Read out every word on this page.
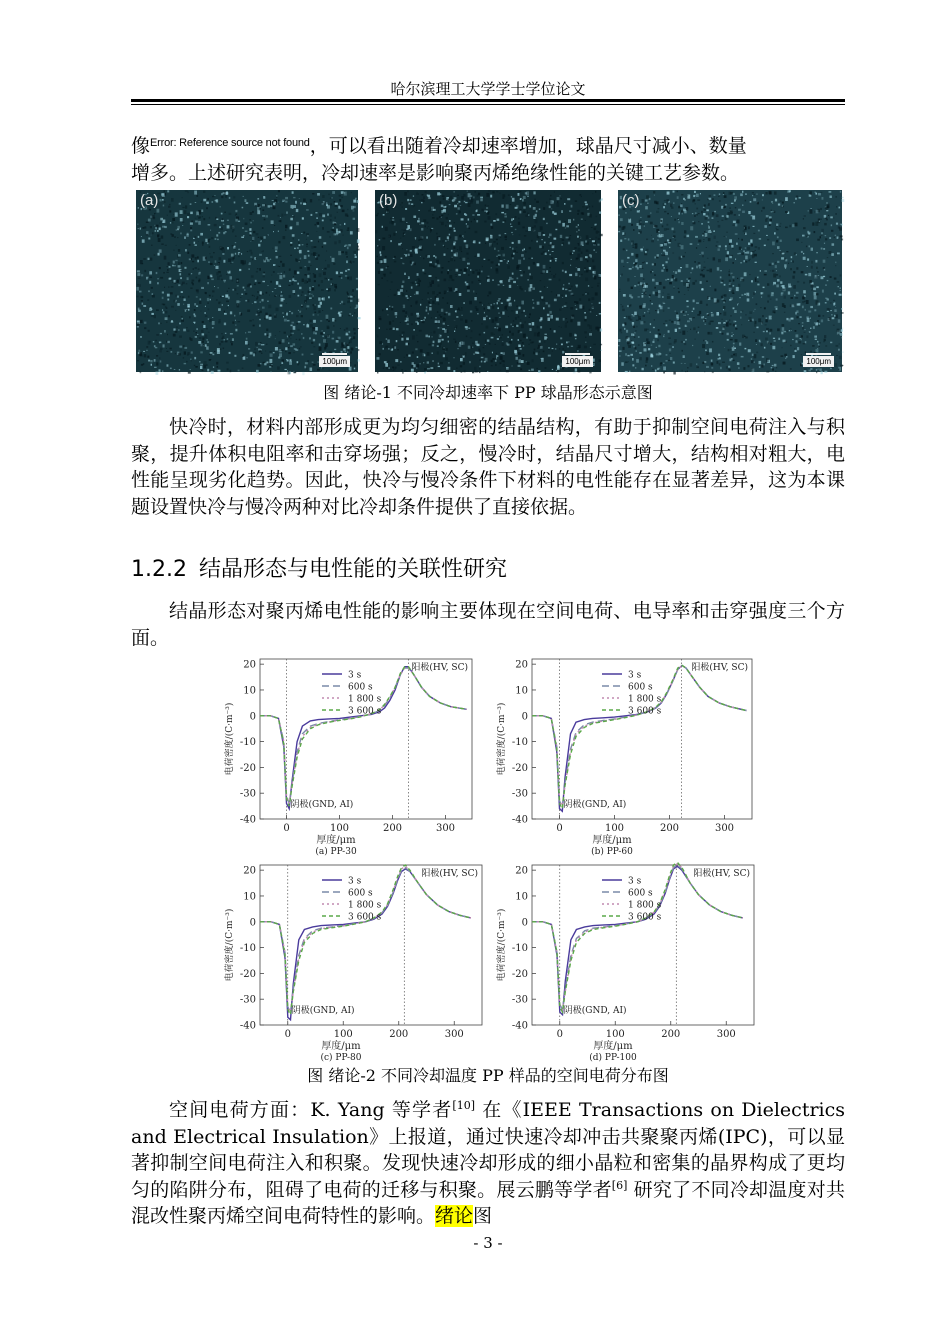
哈尔滨理工大学学士学位论文
像$^{Error: Reference source not found}$，可以看出随着冷却速率增加，球晶尺寸减小、数量
增多。上述研究表明，冷却速率是影响聚丙烯绝缘性能的关键工艺参数。
(a)
100μm
(b)
100μm
(c)
100μm
图 绪论-1 不同冷却速率下 PP 球晶形态示意图
快冷时，材料内部形成更为均匀细密的结晶结构，有助于抑制空间电荷注入与积聚，提升体积电阻率和击穿场强；反之，慢冷时，结晶尺寸增大，结构相对粗大，电性能呈现劣化趋势。因此，快冷与慢冷条件下材料的电性能存在显著差异，这为本课题设置快冷与慢冷两种对比冷却条件提供了直接依据。
1.2.2 结晶形态与电性能的关联性研究
结晶形态对聚丙烯电性能的影响主要体现在空间电荷、电导率和击穿强度三个方面。
-40
-30
-20
-10
0
10
20
0	100	200	300
3 s
600 s
1 800 s
3 600 s
阳极(HV, SC)
阴极(GND, AI)
厚度/μm
(a) PP-30
电荷密度/(C·m⁻³)
-40
-30
-20
-10
0
10
20
0	100	200	300
3 s
600 s
1 800 s
3 600 s
阳极(HV, SC)
阴极(GND, AI)
厚度/μm
(b) PP-60
电荷密度/(C·m⁻³)
-40
-30
-20
-10
0
10
20
0	100	200	300
3 s
600 s
1 800 s
3 600 s
阳极(HV, SC)
阴极(GND, AI)
厚度/μm
(c) PP-80
电荷密度/(C·m⁻³)
-40
-30
-20
-10
0
10
20
0	100	200	300
3 s
600 s
1 800 s
3 600 s
阳极(HV, SC)
阴极(GND, AI)
厚度/μm
(d) PP-100
电荷密度/(C·m⁻³)
图 绪论-2 不同冷却温度 PP 样品的空间电荷分布图
空间电荷方面：K. Yang 等学者[10] 在《IEEE Transactions on Dielectrics and Electrical Insulation》上报道，通过快速冷却冲击共聚聚丙烯(IPC)，可以显著抑制空间电荷注入和积聚。发现快速冷却形成的细小晶粒和密集的晶界构成了更均匀的陷阱分布，阻碍了电荷的迁移与积聚。展云鹏等学者[6] 研究了不同冷却温度对共混改性聚丙烯空间电荷特性的影响。绪论图
- 3 -
